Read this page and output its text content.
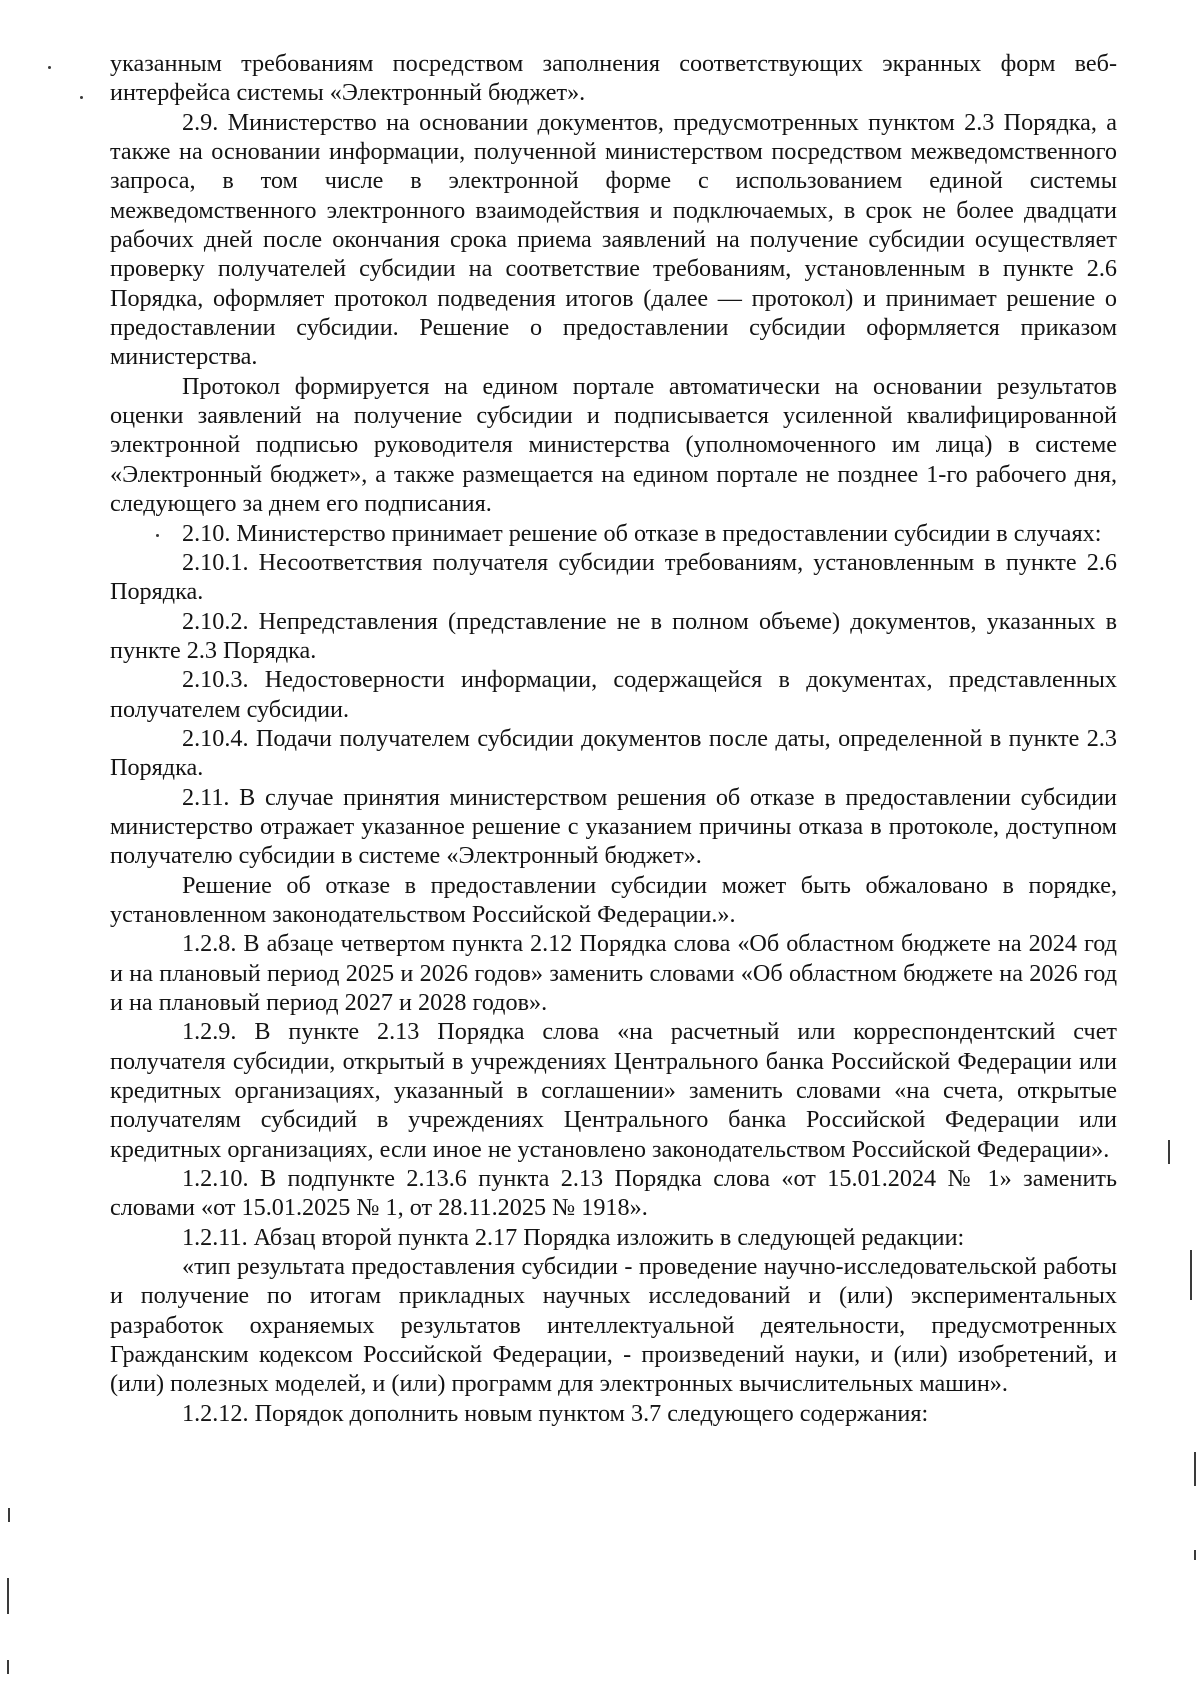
указанным требованиям посредством заполнения соответствующих экранных форм веб-интерфейса системы «Электронный бюджет».

2.9. Министерство на основании документов, предусмотренных пунктом 2.3 Порядка, а также на основании информации, полученной министерством посредством межведомственного запроса, в том числе в электронной форме с использованием единой системы межведомственного электронного взаимодействия и подключаемых, в срок не более двадцати рабочих дней после окончания срока приема заявлений на получение субсидии осуществляет проверку получателей субсидии на соответствие требованиям, установленным в пункте 2.6 Порядка, оформляет протокол подведения итогов (далее — протокол) и принимает решение о предоставлении субсидии. Решение о предоставлении субсидии оформляется приказом министерства.

Протокол формируется на едином портале автоматически на основании результатов оценки заявлений на получение субсидии и подписывается усиленной квалифицированной электронной подписью руководителя министерства (уполномоченного им лица) в системе «Электронный бюджет», а также размещается на едином портале не позднее 1-го рабочего дня, следующего за днем его подписания.

2.10. Министерство принимает решение об отказе в предоставлении субсидии в случаях:

2.10.1. Несоответствия получателя субсидии требованиям, установленным в пункте 2.6 Порядка.

2.10.2. Непредставления (представление не в полном объеме) документов, указанных в пункте 2.3 Порядка.

2.10.3. Недостоверности информации, содержащейся в документах, представленных получателем субсидии.

2.10.4. Подачи получателем субсидии документов после даты, определенной в пункте 2.3 Порядка.

2.11. В случае принятия министерством решения об отказе в предоставлении субсидии министерство отражает указанное решение с указанием причины отказа в протоколе, доступном получателю субсидии в системе «Электронный бюджет».

Решение об отказе в предоставлении субсидии может быть обжаловано в порядке, установленном законодательством Российской Федерации.».

1.2.8. В абзаце четвертом пункта 2.12 Порядка слова «Об областном бюджете на 2024 год и на плановый период 2025 и 2026 годов» заменить словами «Об областном бюджете на 2026 год и на плановый период 2027 и 2028 годов».

1.2.9. В пункте 2.13 Порядка слова «на расчетный или корреспондентский счет получателя субсидии, открытый в учреждениях Центрального банка Российской Федерации или кредитных организациях, указанный в соглашении» заменить словами «на счета, открытые получателям субсидий в учреждениях Центрального банка Российской Федерации или кредитных организациях, если иное не установлено законодательством Российской Федерации».

1.2.10. В подпункте 2.13.6 пункта 2.13 Порядка слова «от 15.01.2024 № 1» заменить словами «от 15.01.2025 № 1, от 28.11.2025 № 1918».

1.2.11. Абзац второй пункта 2.17 Порядка изложить в следующей редакции:

«тип результата предоставления субсидии - проведение научно-исследовательской работы и получение по итогам прикладных научных исследований и (или) экспериментальных разработок охраняемых результатов интеллектуальной деятельности, предусмотренных Гражданским кодексом Российской Федерации, - произведений науки, и (или) изобретений, и (или) полезных моделей, и (или) программ для электронных вычислительных машин».

1.2.12. Порядок дополнить новым пунктом 3.7 следующего содержания:
